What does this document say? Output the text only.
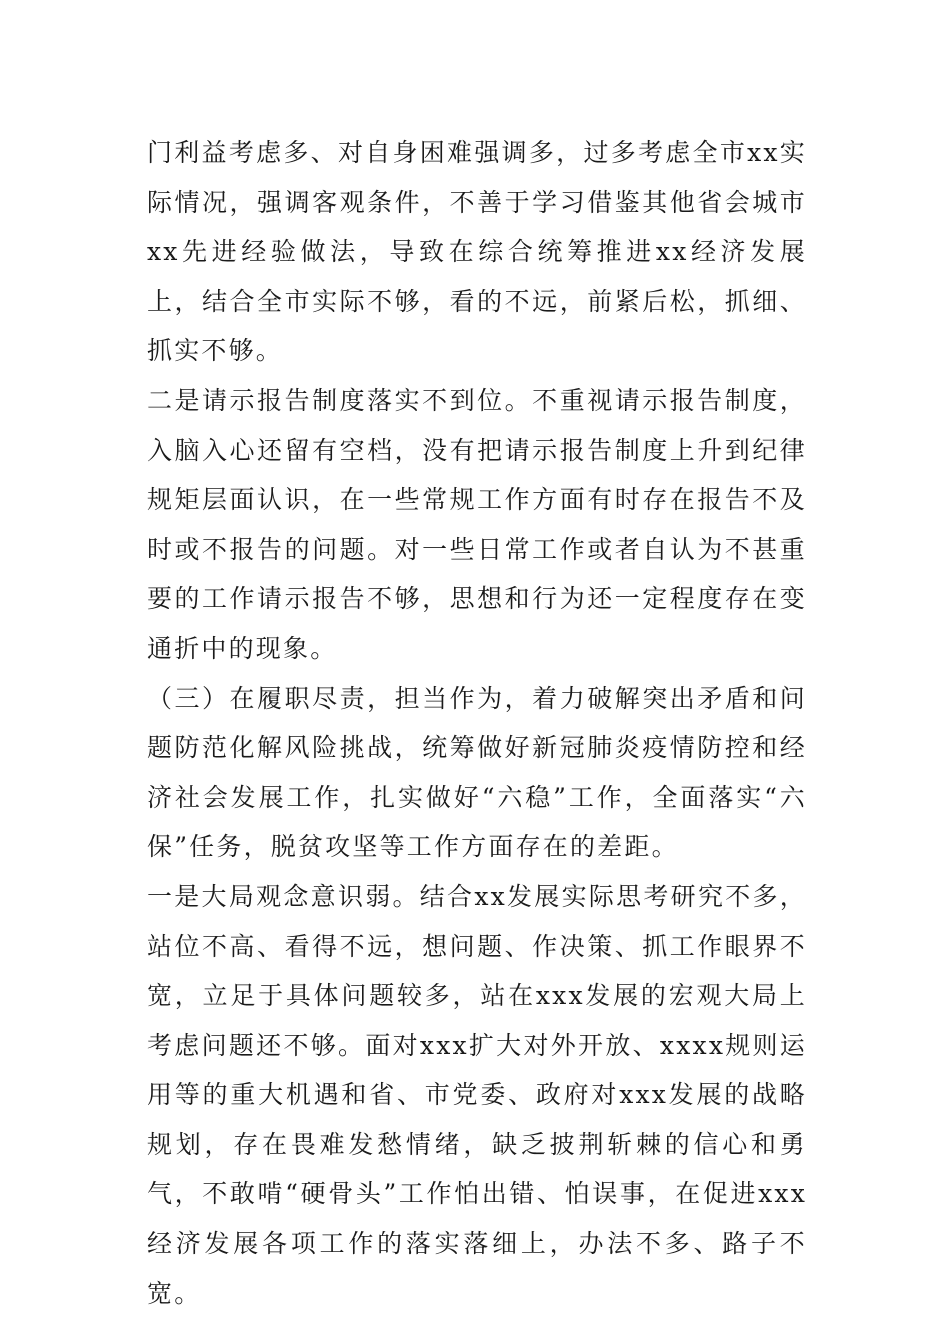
门利益考虑多、对自身困难强调多，过多考虑全市xx实际情况，强调客观条件，不善于学习借鉴其他省会城市xx先进经验做法，导致在综合统筹推进xx经济发展上，结合全市实际不够，看的不远，前紧后松，抓细、抓实不够。

二是请示报告制度落实不到位。不重视请示报告制度，入脑入心还留有空档，没有把请示报告制度上升到纪律规矩层面认识，在一些常规工作方面有时存在报告不及时或不报告的问题。对一些日常工作或者自认为不甚重要的工作请示报告不够，思想和行为还一定程度存在变通折中的现象。

（三）在履职尽责，担当作为，着力破解突出矛盾和问题防范化解风险挑战，统筹做好新冠肺炎疫情防控和经济社会发展工作，扎实做好“六稳”工作，全面落实“六保”任务，脱贫攻坚等工作方面存在的差距。

一是大局观念意识弱。结合xx发展实际思考研究不多，站位不高、看得不远，想问题、作决策、抓工作眼界不宽，立足于具体问题较多，站在xxx发展的宏观大局上考虑问题还不够。面对xxx扩大对外开放、xxxx规则运用等的重大机遇和省、市党委、政府对xxx发展的战略规划，存在畏难发愁情绪，缺乏披荆斩棘的信心和勇气，不敢啃“硬骨头”工作怕出错、怕误事，在促进xxx经济发展各项工作的落实落细上，办法不多、路子不宽。
